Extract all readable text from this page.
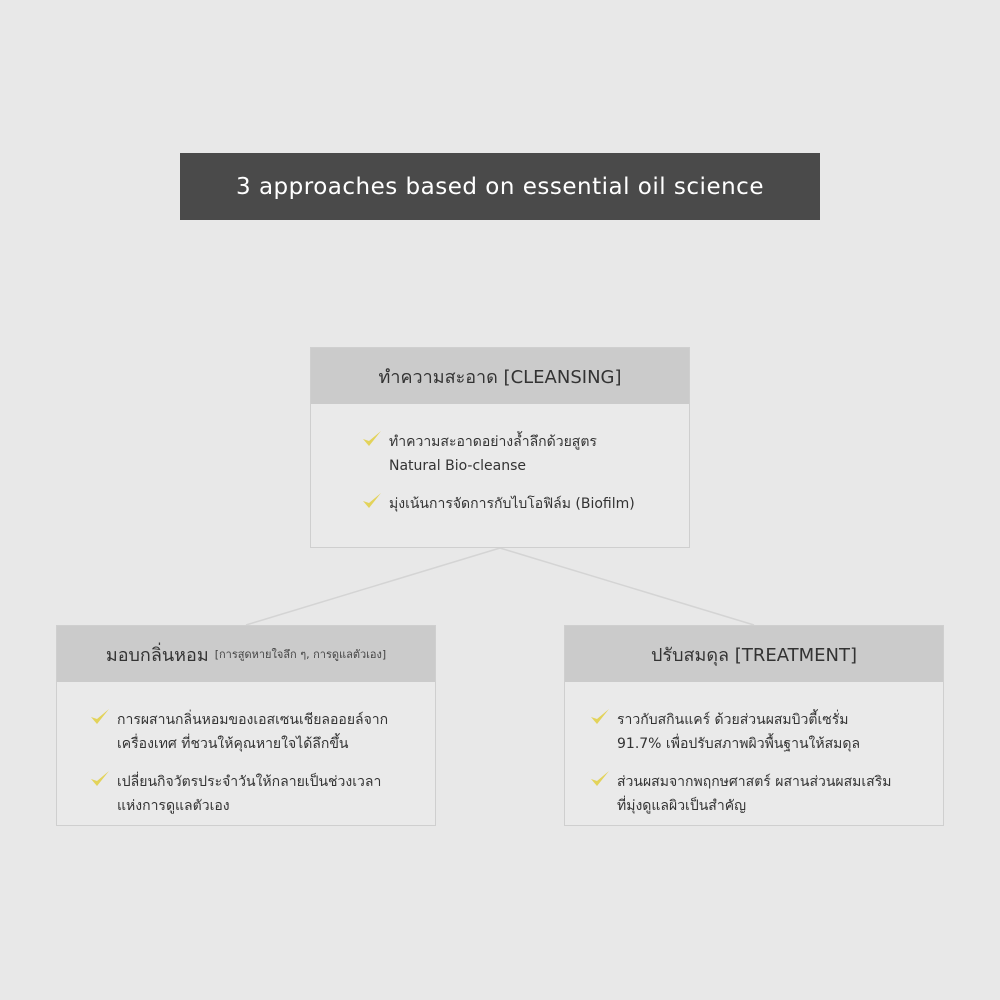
3 approaches based on essential oil science
ทำความสะอาด [CLEANSING]
ทำความสะอาดอย่างล้ำลึกด้วยสูตร
Natural Bio-cleanse
มุ่งเน้นการจัดการกับไบโอฟิล์ม (Biofilm)
มอบกลิ่นหอม [การสูดหายใจลึก ๆ, การดูแลตัวเอง]
การผสานกลิ่นหอมของเอสเซนเชียลออยล์จาก
เครื่องเทศ ที่ชวนให้คุณหายใจได้ลึกขึ้น
เปลี่ยนกิจวัตรประจำวันให้กลายเป็นช่วงเวลา
แห่งการดูแลตัวเอง
ปรับสมดุล [TREATMENT]
ราวกับสกินแคร์ ด้วยส่วนผสมบิวตี้เซรั่ม
91.7% เพื่อปรับสภาพผิวพื้นฐานให้สมดุล
ส่วนผสมจากพฤกษศาสตร์ ผสานส่วนผสมเสริม
ที่มุ่งดูแลผิวเป็นสำคัญ
